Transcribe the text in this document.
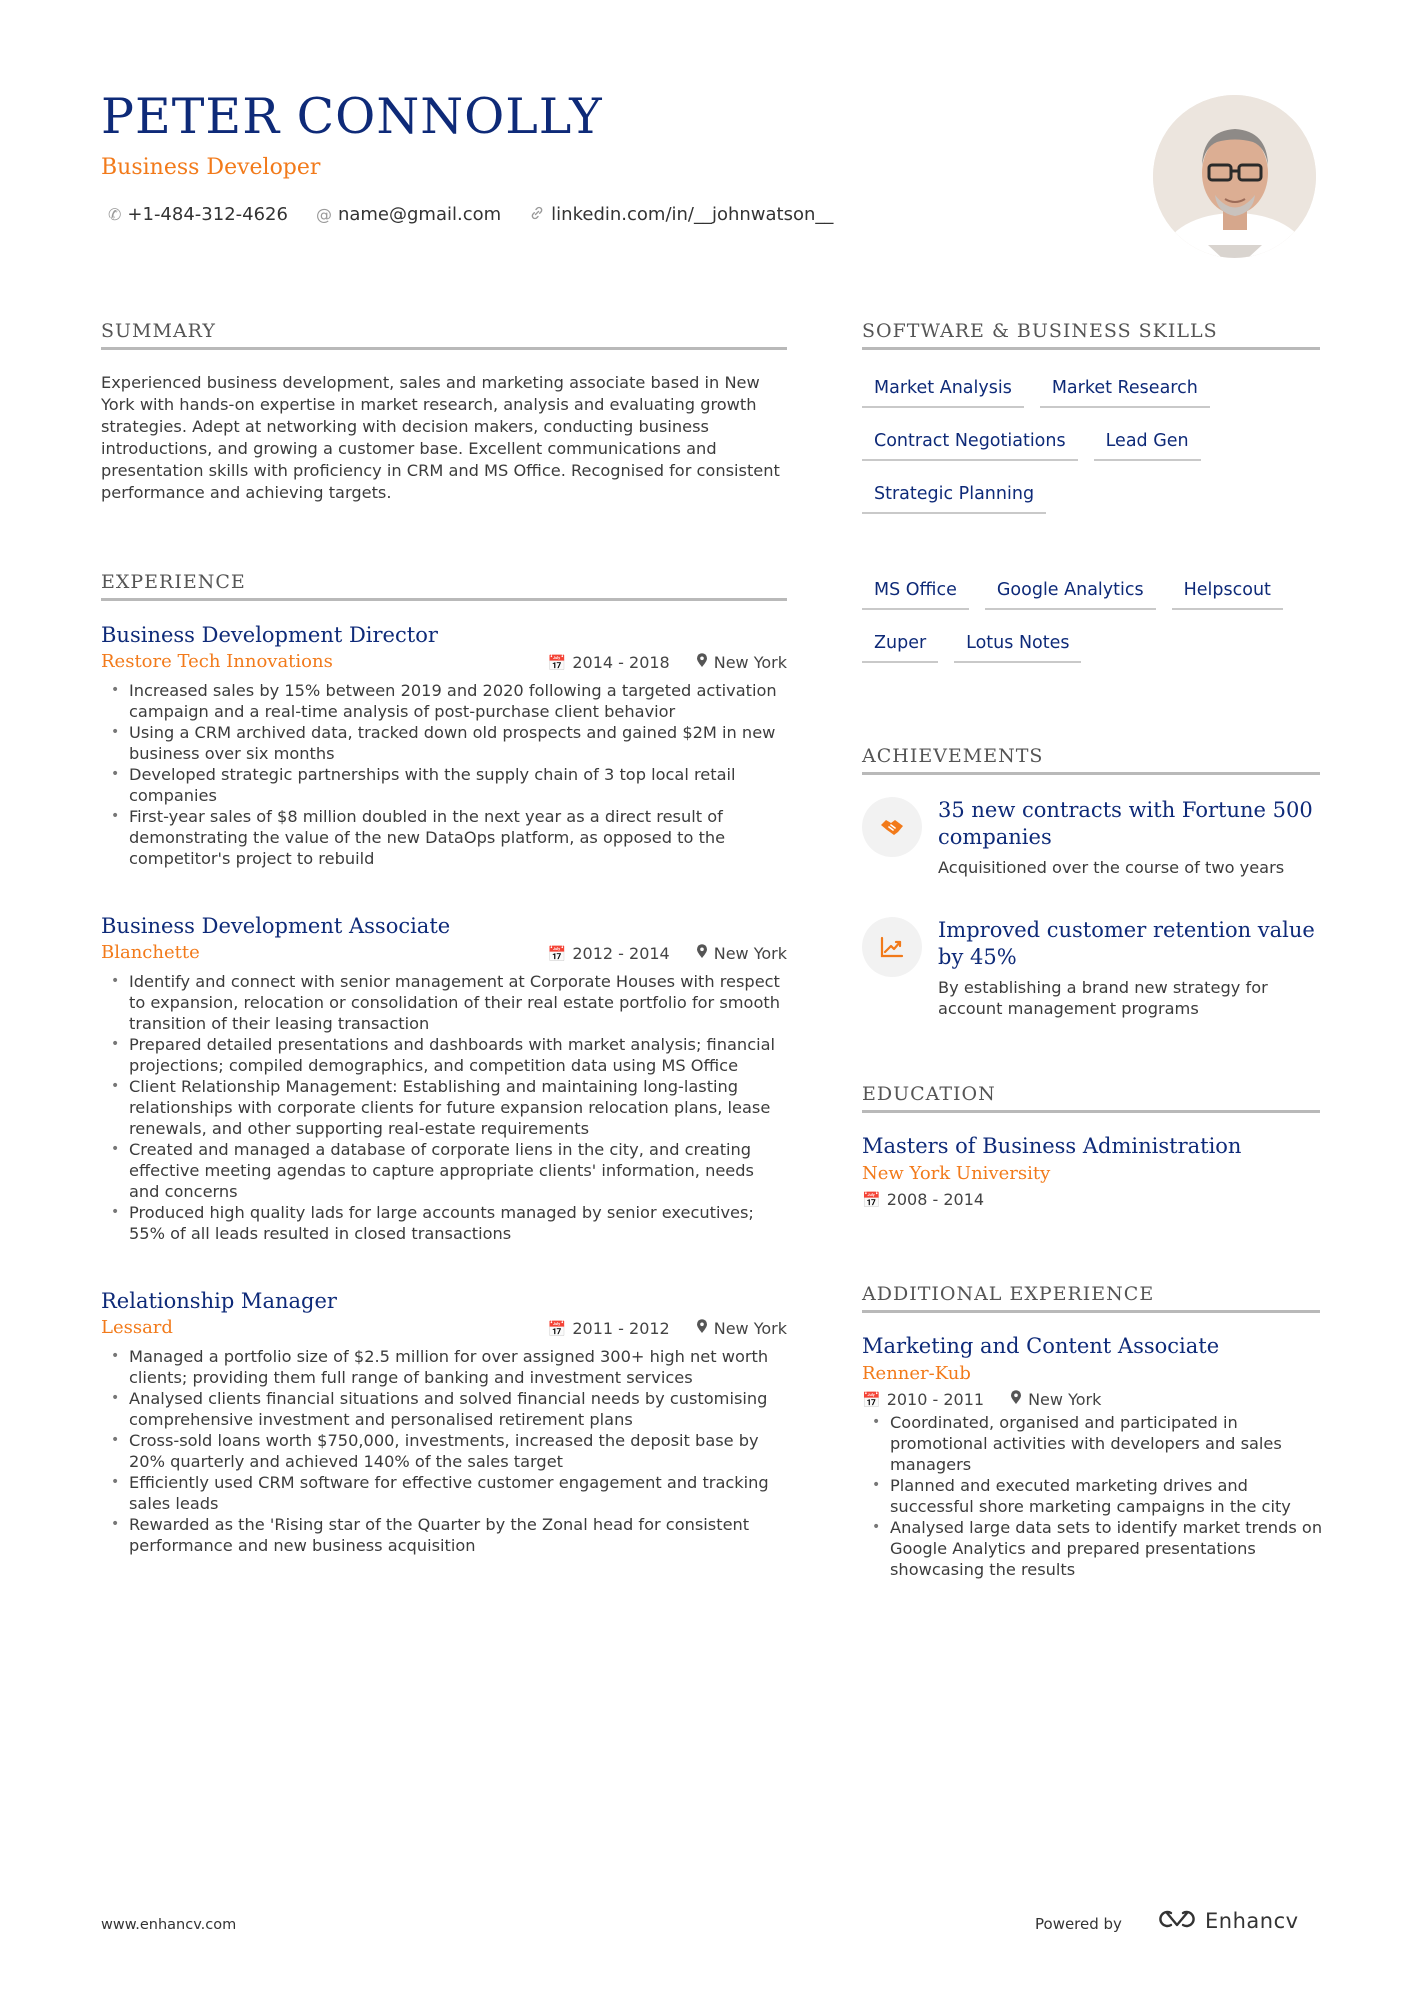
PETER CONNOLLY
Business Developer
✆ +1-484-312-4626 @ name@gmail.com	linkedin.com/in/__johnwatson__
SUMMARY

Experienced business development, sales and marketing associate based in New York with hands-on expertise in market research, analysis and evaluating growth strategies. Adept at networking with decision makers, conducting business introductions, and growing a customer base. Excellent communications and presentation skills with proficiency in CRM and MS Office. Recognised for consistent performance and achieving targets.

EXPERIENCE
Business Development Director
Restore Tech Innovations	📅 2014 - 2018	New York
• Increased sales by 15% between 2019 and 2020 following a targeted activation campaign and a real-time analysis of post-purchase client behavior
• Using a CRM archived data, tracked down old prospects and gained $2M in new business over six months
• Developed strategic partnerships with the supply chain of 3 top local retail companies
• First-year sales of $8 million doubled in the next year as a direct result of demonstrating the value of the new DataOps platform, as opposed to the competitor's project to rebuild
Business Development Associate
Blanchette	📅 2012 - 2014	New York
• Identify and connect with senior management at Corporate Houses with respect to expansion, relocation or consolidation of their real estate portfolio for smooth transition of their leasing transaction
• Prepared detailed presentations and dashboards with market analysis; financial projections; compiled demographics, and competition data using MS Office
• Client Relationship Management: Establishing and maintaining long-lasting relationships with corporate clients for future expansion relocation plans, lease renewals, and other supporting real-estate requirements
• Created and managed a database of corporate liens in the city, and creating effective meeting agendas to capture appropriate clients' information, needs and concerns
• Produced high quality lads for large accounts managed by senior executives; 55% of all leads resulted in closed transactions
Relationship Manager
Lessard	📅 2011 - 2012	New York
• Managed a portfolio size of $2.5 million for over assigned 300+ high net worth clients; providing them full range of banking and investment services
• Analysed clients financial situations and solved financial needs by customising comprehensive investment and personalised retirement plans
• Cross-sold loans worth $750,000, investments, increased the deposit base by 20% quarterly and achieved 140% of the sales target
• Efficiently used CRM software for effective customer engagement and tracking sales leads
• Rewarded as the 'Rising star of the Quarter by the Zonal head for consistent performance and new business acquisition
SOFTWARE & BUSINESS SKILLS
Market Analysis	Market Research
Contract Negotiations	Lead Gen
Strategic Planning
MS Office	Google Analytics	Helpscout
Zuper	Lotus Notes
ACHIEVEMENTS
35 new contracts with Fortune 500 companies
Acquisitioned over the course of two years
Improved customer retention value by 45%
By establishing a brand new strategy for account management programs
EDUCATION
Masters of Business Administration
New York University
📅 2008 - 2014
ADDITIONAL EXPERIENCE
Marketing and Content Associate
Renner-Kub
📅 2010 - 2011	New York
• Coordinated, organised and participated in promotional activities with developers and sales managers
• Planned and executed marketing drives and successful shore marketing campaigns in the city
• Analysed large data sets to identify market trends on Google Analytics and prepared presentations showcasing the results
www.enhancv.com	Powered by	Enhancv
